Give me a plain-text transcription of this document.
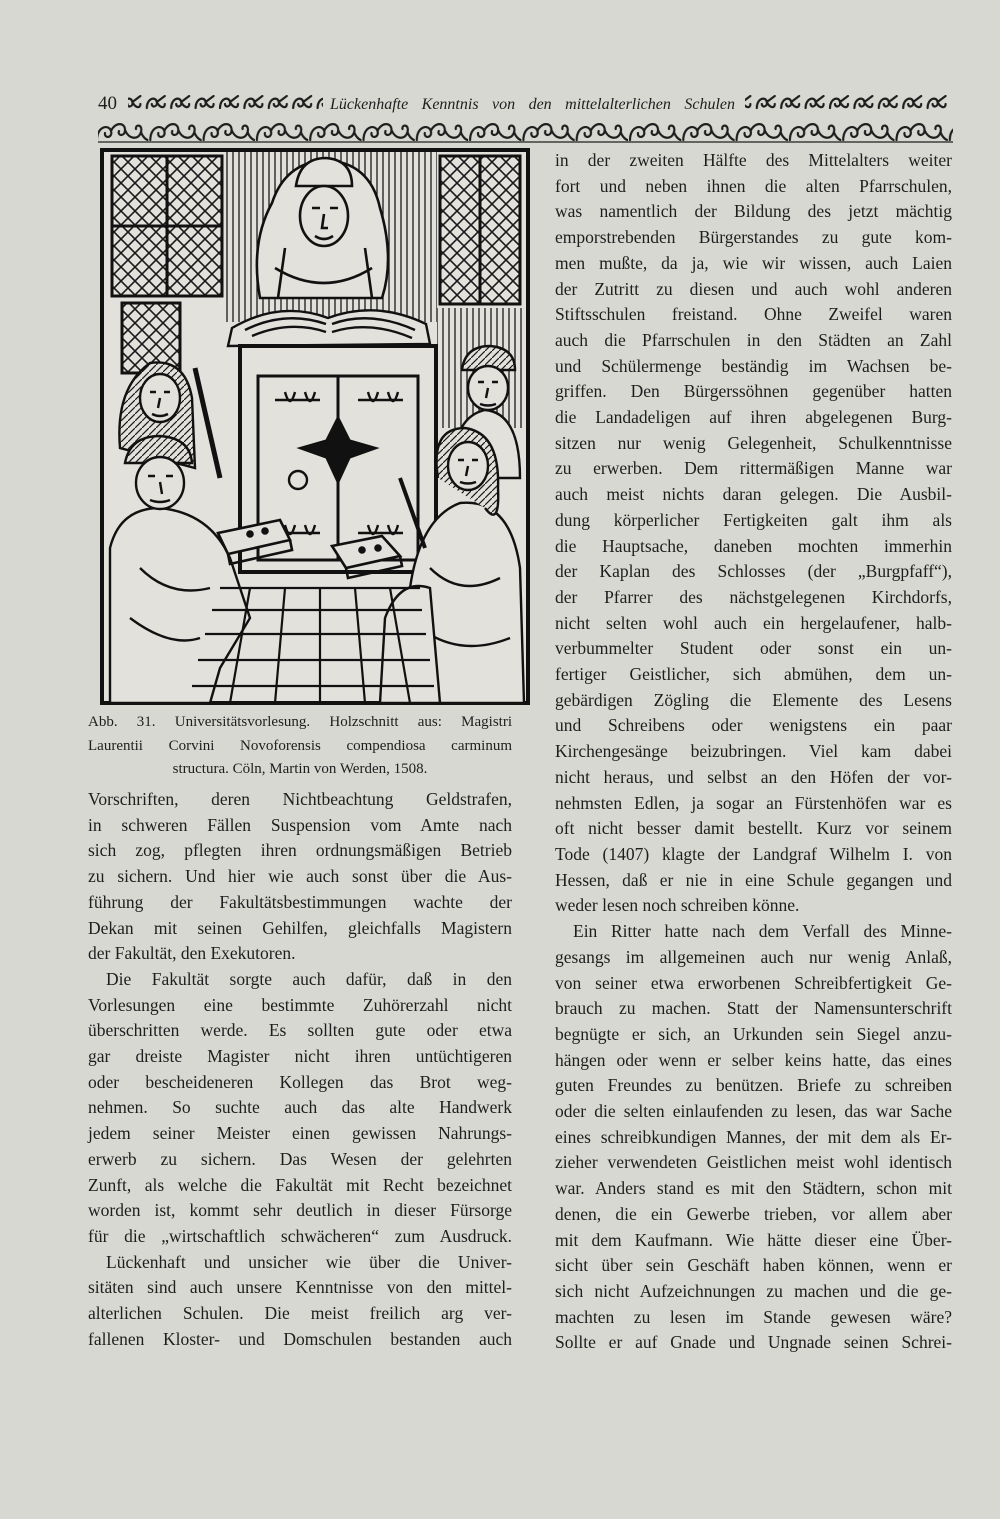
40	Lückenhafte Kenntnis von den mittelalterlichen Schulen
Abb. 31. Universitätsvorlesung. Holzschnitt aus: Magistri
Laurentii Corvini Novoforensis compendiosa carminum
structura. Cöln, Martin von Werden, 1508.
Vorschriften, deren Nichtbeachtung Geldstrafen,
in schweren Fällen Suspension vom Amte nach
sich zog, pflegten ihren ordnungsmäßigen Betrieb
zu sichern. Und hier wie auch sonst über die Aus-
führung der Fakultätsbestimmungen wachte der
Dekan mit seinen Gehilfen, gleichfalls Magistern
der Fakultät, den Exekutoren.
Die Fakultät sorgte auch dafür, daß in den
Vorlesungen eine bestimmte Zuhörerzahl nicht
überschritten werde. Es sollten gute oder etwa
gar dreiste Magister nicht ihren untüchtigeren
oder bescheideneren Kollegen das Brot weg-
nehmen. So suchte auch das alte Handwerk
jedem seiner Meister einen gewissen Nahrungs-
erwerb zu sichern. Das Wesen der gelehrten
Zunft, als welche die Fakultät mit Recht bezeichnet
worden ist, kommt sehr deutlich in dieser Fürsorge
für die „wirtschaftlich schwächeren“ zum Ausdruck.
Lückenhaft und unsicher wie über die Univer-
sitäten sind auch unsere Kenntnisse von den mittel-
alterlichen Schulen. Die meist freilich arg ver-
fallenen Kloster- und Domschulen bestanden auch
in der zweiten Hälfte des Mittelalters weiter
fort und neben ihnen die alten Pfarrschulen,
was namentlich der Bildung des jetzt mächtig
emporstrebenden Bürgerstandes zu gute kom-
men mußte, da ja, wie wir wissen, auch Laien
der Zutritt zu diesen und auch wohl anderen
Stiftsschulen freistand. Ohne Zweifel waren
auch die Pfarrschulen in den Städten an Zahl
und Schülermenge beständig im Wachsen be-
griffen. Den Bürgerssöhnen gegenüber hatten
die Landadeligen auf ihren abgelegenen Burg-
sitzen nur wenig Gelegenheit, Schulkenntnisse
zu erwerben. Dem rittermäßigen Manne war
auch meist nichts daran gelegen. Die Ausbil-
dung körperlicher Fertigkeiten galt ihm als
die Hauptsache, daneben mochten immerhin
der Kaplan des Schlosses (der „Burgpfaff“),
der Pfarrer des nächstgelegenen Kirchdorfs,
nicht selten wohl auch ein hergelaufener, halb-
verbummelter Student oder sonst ein un-
fertiger Geistlicher, sich abmühen, dem un-
gebärdigen Zögling die Elemente des Lesens
und Schreibens oder wenigstens ein paar
Kirchengesänge beizubringen. Viel kam dabei
nicht heraus, und selbst an den Höfen der vor-
nehmsten Edlen, ja sogar an Fürstenhöfen war es
oft nicht besser damit bestellt. Kurz vor seinem
Tode (1407) klagte der Landgraf Wilhelm I. von
Hessen, daß er nie in eine Schule gegangen und
weder lesen noch schreiben könne.
Ein Ritter hatte nach dem Verfall des Minne-
gesangs im allgemeinen auch nur wenig Anlaß,
von seiner etwa erworbenen Schreibfertigkeit Ge-
brauch zu machen. Statt der Namensunterschrift
begnügte er sich, an Urkunden sein Siegel anzu-
hängen oder wenn er selber keins hatte, das eines
guten Freundes zu benützen. Briefe zu schreiben
oder die selten einlaufenden zu lesen, das war Sache
eines schreibkundigen Mannes, der mit dem als Er-
zieher verwendeten Geistlichen meist wohl identisch
war. Anders stand es mit den Städtern, schon mit
denen, die ein Gewerbe trieben, vor allem aber
mit dem Kaufmann. Wie hätte dieser eine Über-
sicht über sein Geschäft haben können, wenn er
sich nicht Aufzeichnungen zu machen und die ge-
machten zu lesen im Stande gewesen wäre?
Sollte er auf Gnade und Ungnade seinen Schrei-
